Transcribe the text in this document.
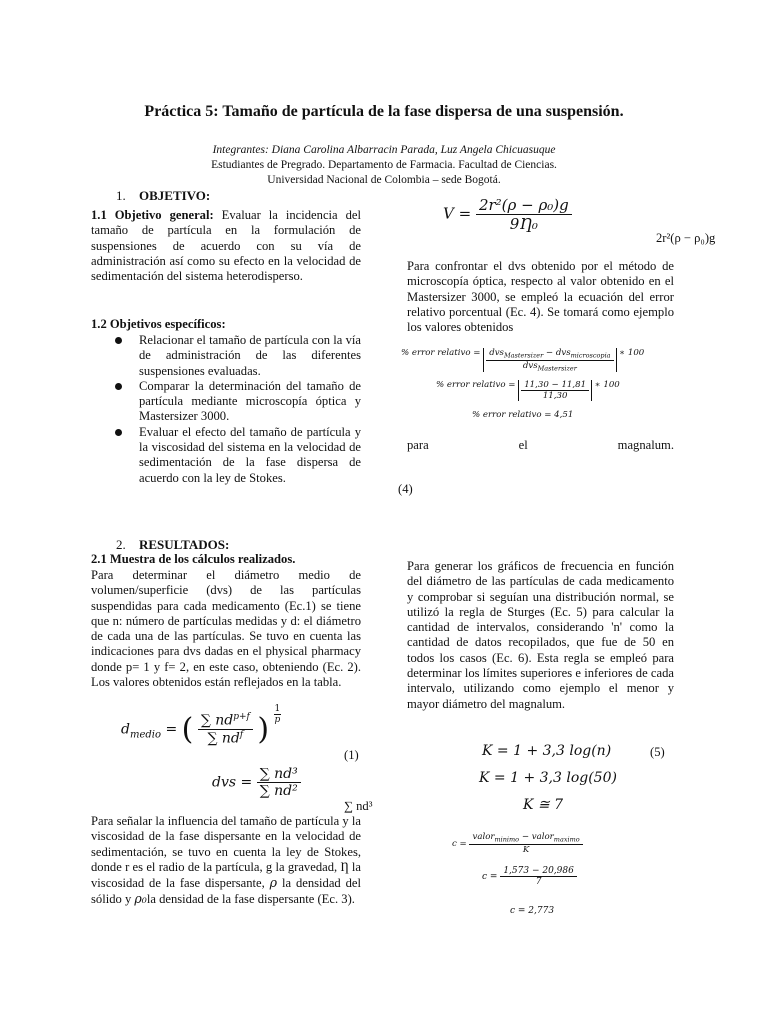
Práctica 5: Tamaño de partícula de la fase dispersa de una suspensión.
Integrantes: Diana Carolina Albarracin Parada, Luz Angela Chicuasuque
Estudiantes de Pregrado. Departamento de Farmacia. Facultad de Ciencias.
Universidad Nacional de Colombia – sede Bogotá.
1. OBJETIVO:
1.1 Objetivo general: Evaluar la incidencia del tamaño de partícula en la formulación de suspensiones de acuerdo con su vía de administración así como su efecto en la velocidad de sedimentación del sistema heterodisperso.
1.2 Objetivos específicos:
Relacionar el tamaño de partícula con la vía de administración de las diferentes suspensiones evaluadas.
Comparar la determinación del tamaño de partícula mediante microscopía óptica y Mastersizer 3000.
Evaluar el efecto del tamaño de partícula y la viscosidad del sistema en la velocidad de sedimentación de la fase dispersa de acuerdo con la ley de Stokes.
2. RESULTADOS:
2.1 Muestra de los cálculos realizados.
Para determinar el diámetro medio de volumen/superficie (dvs) de las partículas suspendidas para cada medicamento (Ec.1) se tiene que n: número de partículas medidas y d: el diámetro de cada una de las partículas. Se tuvo en cuenta las indicaciones para dvs dadas en el physical pharmacy donde p= 1 y f= 2, en este caso, obteniendo (Ec. 2). Los valores obtenidos están reflejados en la tabla.
$d_{medio}$ = ( $\frac{\sum nd^{p+f}}{\sum nd^f}$ ) $\frac{1}{p}$
(1)
dvs = $\frac{\text{∑ nd³}}{\text{∑ nd²}}$
∑ nd³
Para señalar la influencia del tamaño de partícula y la viscosidad de la fase dispersante en la velocidad de sedimentación, se tuvo en cuenta la ley de Stokes, donde r es el radio de la partícula, g la gravedad, Ƞ la viscosidad de la fase dispersante, ρ la densidad del sólido y ρ₀la densidad de la fase dispersante (Ec. 3).
$V = \frac{\text{2r²(ρ − ρ₀)g}}{\text{9Ƞ₀}}$
2r²(ρ − ρ₀)g
Para confrontar el dvs obtenido por el método de microscopía óptica, respecto al valor obtenido en el Mastersizer 3000, se empleó la ecuación del error relativo porcentual (Ec. 4). Se tomará como ejemplo los valores obtenidos
% error relativo = $\frac{dvs_{Mastersizer} - dvs_{microscopia}}{dvs_{Mastersizer}}$ ∗ 100
% error relativo = $\frac{11,30 - 11,81}{11,30}$ ∗ 100
% error relativo = 4,51
para	el	magnalum.
(4)
Para generar los gráficos de frecuencia en función del diámetro de las partículas de cada medicamento y comprobar si seguían una distribución normal, se utilizó la regla de Sturges (Ec. 5) para calcular la cantidad de intervalos, considerando 'n' como la cantidad de datos recopilados, que fue de 50 en todos los casos (Ec. 6). Esta regla se empleó para determinar los límites superiores e inferiores de cada intervalo, utilizando como ejemplo el menor y mayor diámetro del magnalum.
K = 1 + 3,3 log(n)	(5)
K = 1 + 3,3 log(50)
K ≅ 7
$c = \frac{valor_{minimo} - valor_{maximo}}{K}$
$c = \frac{1,573 - 20,986}{7}$
c = 2,773
